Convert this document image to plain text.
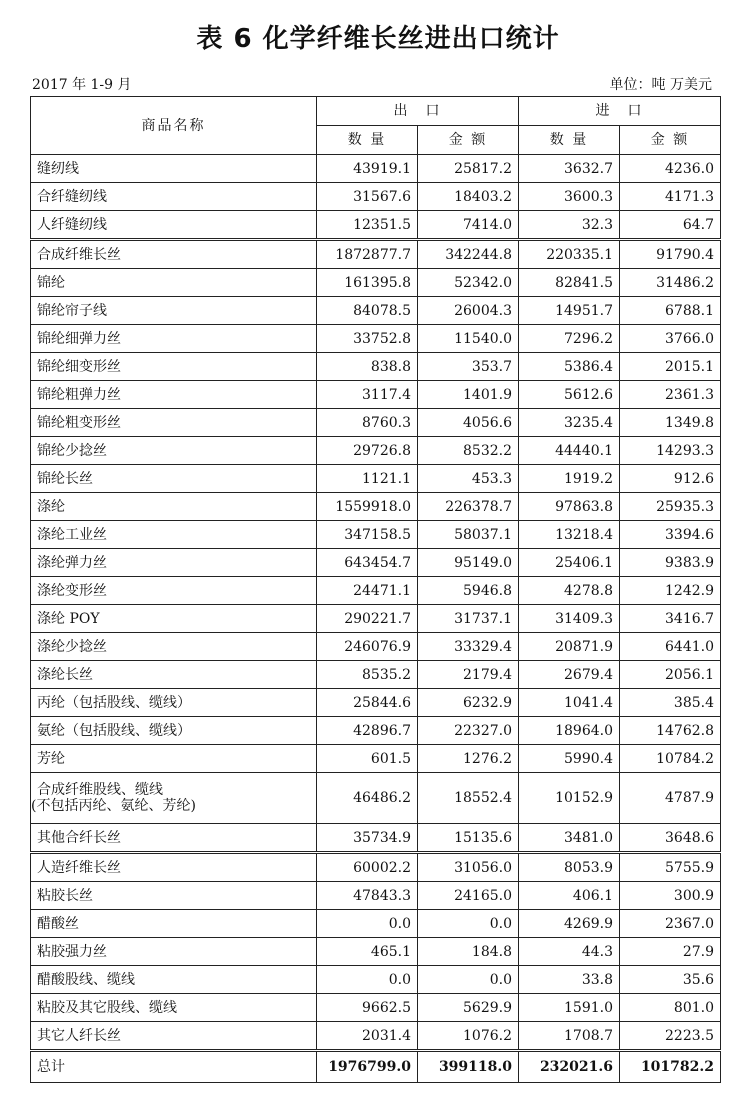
表 6 化学纤维长丝进出口统计
2017 年 1-9 月	单位：吨 万美元
商品名称	出　口		进　口	
	数 量	金 额	数 量	金 额

缝纫线	43919.1	25817.2	3632.7	4236.0

合纤缝纫线	31567.6	18403.2	3600.3	4171.3

人纤缝纫线	12351.5	7414.0	32.3	64.7

合成纤维长丝	1872877.7	342244.8	220335.1	91790.4

锦纶	161395.8	52342.0	82841.5	31486.2

锦纶帘子线	84078.5	26004.3	14951.7	6788.1

锦纶细弹力丝	33752.8	11540.0	7296.2	3766.0

锦纶细变形丝	838.8	353.7	5386.4	2015.1

锦纶粗弹力丝	3117.4	1401.9	5612.6	2361.3

锦纶粗变形丝	8760.3	4056.6	3235.4	1349.8

锦纶少捻丝	29726.8	8532.2	44440.1	14293.3

锦纶长丝	1121.1	453.3	1919.2	912.6

涤纶	1559918.0	226378.7	97863.8	25935.3

涤纶工业丝	347158.5	58037.1	13218.4	3394.6

涤纶弹力丝	643454.7	95149.0	25406.1	9383.9

涤纶变形丝	24471.1	5946.8	4278.8	1242.9

涤纶 POY	290221.7	31737.1	31409.3	3416.7

涤纶少捻丝	246076.9	33329.4	20871.9	6441.0

涤纶长丝	8535.2	2179.4	2679.4	2056.1

丙纶（包括股线、缆线）	25844.6	6232.9	1041.4	385.4

氨纶（包括股线、缆线）	42896.7	22327.0	18964.0	14762.8

芳纶	601.5	1276.2	5990.4	10784.2

合成纤维股线、缆线
(不包括丙纶、氨纶、芳纶)	46486.2	18552.4	10152.9	4787.9

其他合纤长丝	35734.9	15135.6	3481.0	3648.6

人造纤维长丝	60002.2	31056.0	8053.9	5755.9

粘胶长丝	47843.3	24165.0	406.1	300.9

醋酸丝	0.0	0.0	4269.9	2367.0

粘胶强力丝	465.1	184.8	44.3	27.9

醋酸股线、缆线	0.0	0.0	33.8	35.6

粘胶及其它股线、缆线	9662.5	5629.9	1591.0	801.0

其它人纤长丝	2031.4	1076.2	1708.7	2223.5
总计	1976799.0	399118.0	232021.6	101782.2
